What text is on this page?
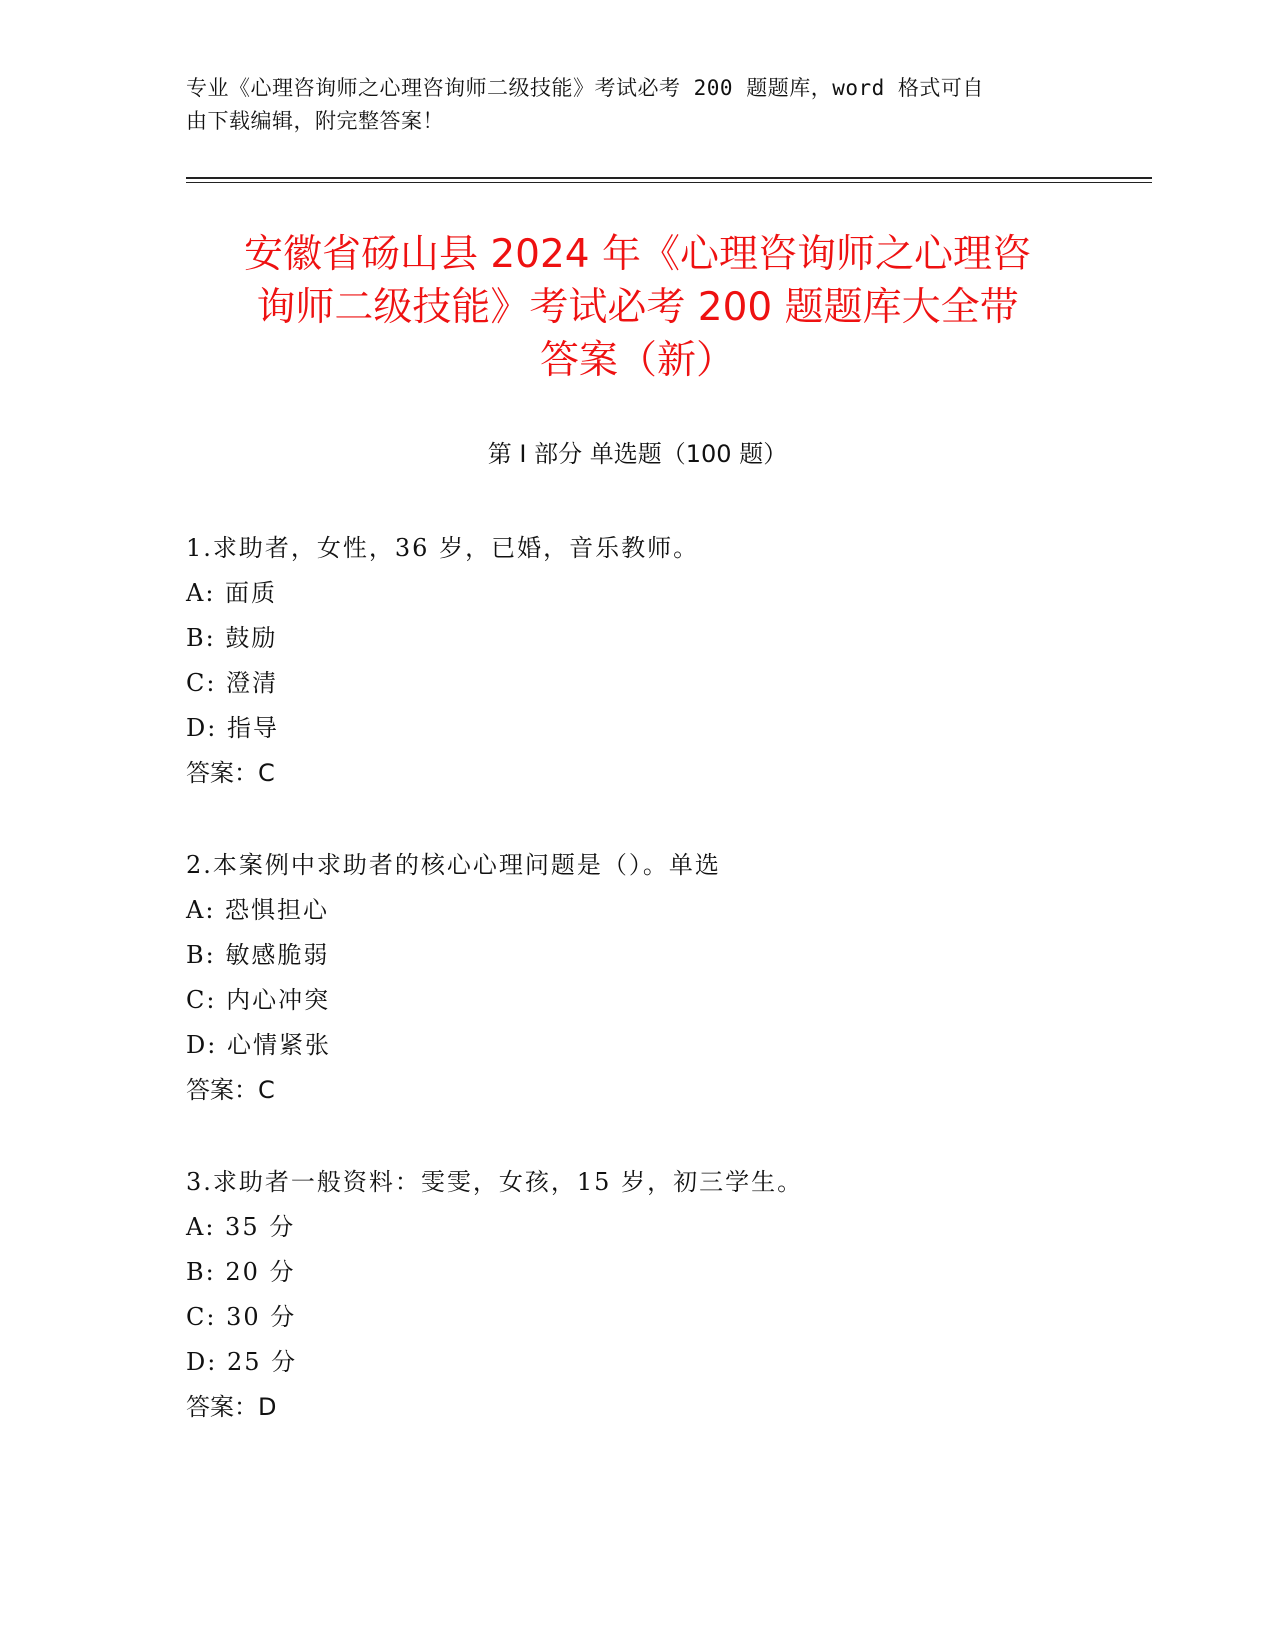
专业《心理咨询师之心理咨询师二级技能》考试必考 200 题题库，word 格式可自
由下载编辑，附完整答案！
安徽省砀山县 2024 年《心理咨询师之心理咨
询师二级技能》考试必考 200 题题库大全带
答案（新）
第 I 部分 单选题（100 题）
1.求助者，女性，36 岁，已婚，音乐教师。
A: 面质
B: 鼓励
C: 澄清
D: 指导
答案：C
2.本案例中求助者的核心心理问题是（）。单选
A: 恐惧担心
B: 敏感脆弱
C: 内心冲突
D: 心情紧张
答案：C
3.求助者一般资料：雯雯，女孩，15 岁，初三学生。
A: 35 分
B: 20 分
C: 30 分
D: 25 分
答案：D
